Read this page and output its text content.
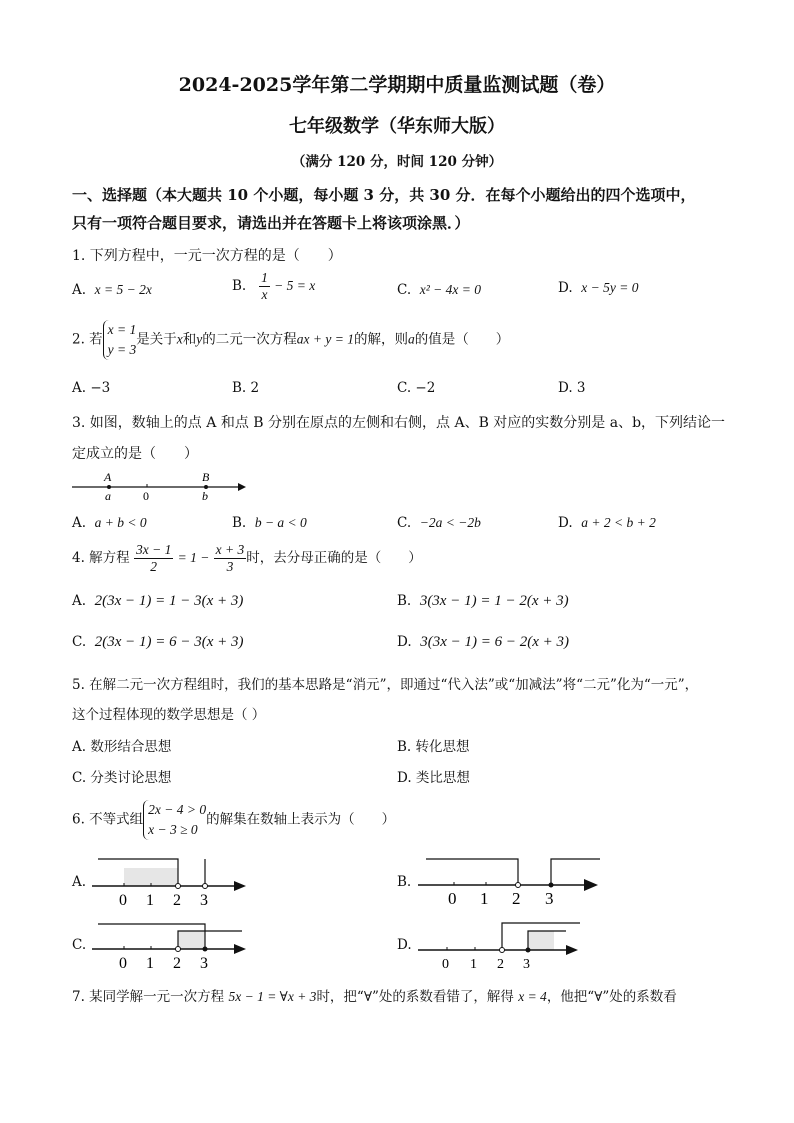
2024-2025学年第二学期期中质量监测试题（卷）
七年级数学（华东师大版）
（满分 120 分，时间 120 分钟）
一、选择题（本大题共 10 个小题，每小题 3 分，共 30 分．在每个小题给出的四个选项中，
只有一项符合题目要求，请选出并在答题卡上将该项涂黑．）
1. 下列方程中，一元一次方程的是（　　）
A. x = 5 − 2x	B. $\frac{1}{x} - 5 = x$	C. x² − 4x = 0	D. x − 5y = 0
2. 若
x = 1
y = 3
是关于x和y的二元一次方程ax + y = 1的解，则a的值是（　　）
A. −3	B. 2	C. −2	D. 3
3. 如图，数轴上的点 A 和点 B 分别在原点的左侧和右侧，点 A、B 对应的实数分别是 a、b，下列结论一
定成立的是（　　）
A
a	0
B
b
A. a + b < 0	B. b − a < 0	C. −2a < −2b	D. a + 2 < b + 2
4. 解方程 $\frac{3x - 1}{2} = 1 - \frac{x + 3}{3}$ 时，去分母正确的是（　　）
A. 2(3x − 1) = 1 − 3(x + 3)	B. 3(3x − 1) = 1 − 2(x + 3)
C. 2(3x − 1) = 6 − 3(x + 3)	D. 3(3x − 1) = 6 − 2(x + 3)
5. 在解二元一次方程组时，我们的基本思路是“消元”，即通过“代入法”或“加减法”将“二元”化为“一元”，
这个过程体现的数学思想是（ ）
A. 数形结合思想	B. 转化思想
C. 分类讨论思想	D. 类比思想
6. 不等式组
2x − 4 > 0
x − 3 ≥ 0
的解集在数轴上表示为（　　）
A.
0 1 2 3
B.
0 1 2 3
C.
0 1 2 3
D.
0 1 2 3
7. 某同学解一元一次方程 5x − 1 = ∀x + 3时，把“∀”处的系数看错了，解得 x = 4，他把“∀”处的系数看
